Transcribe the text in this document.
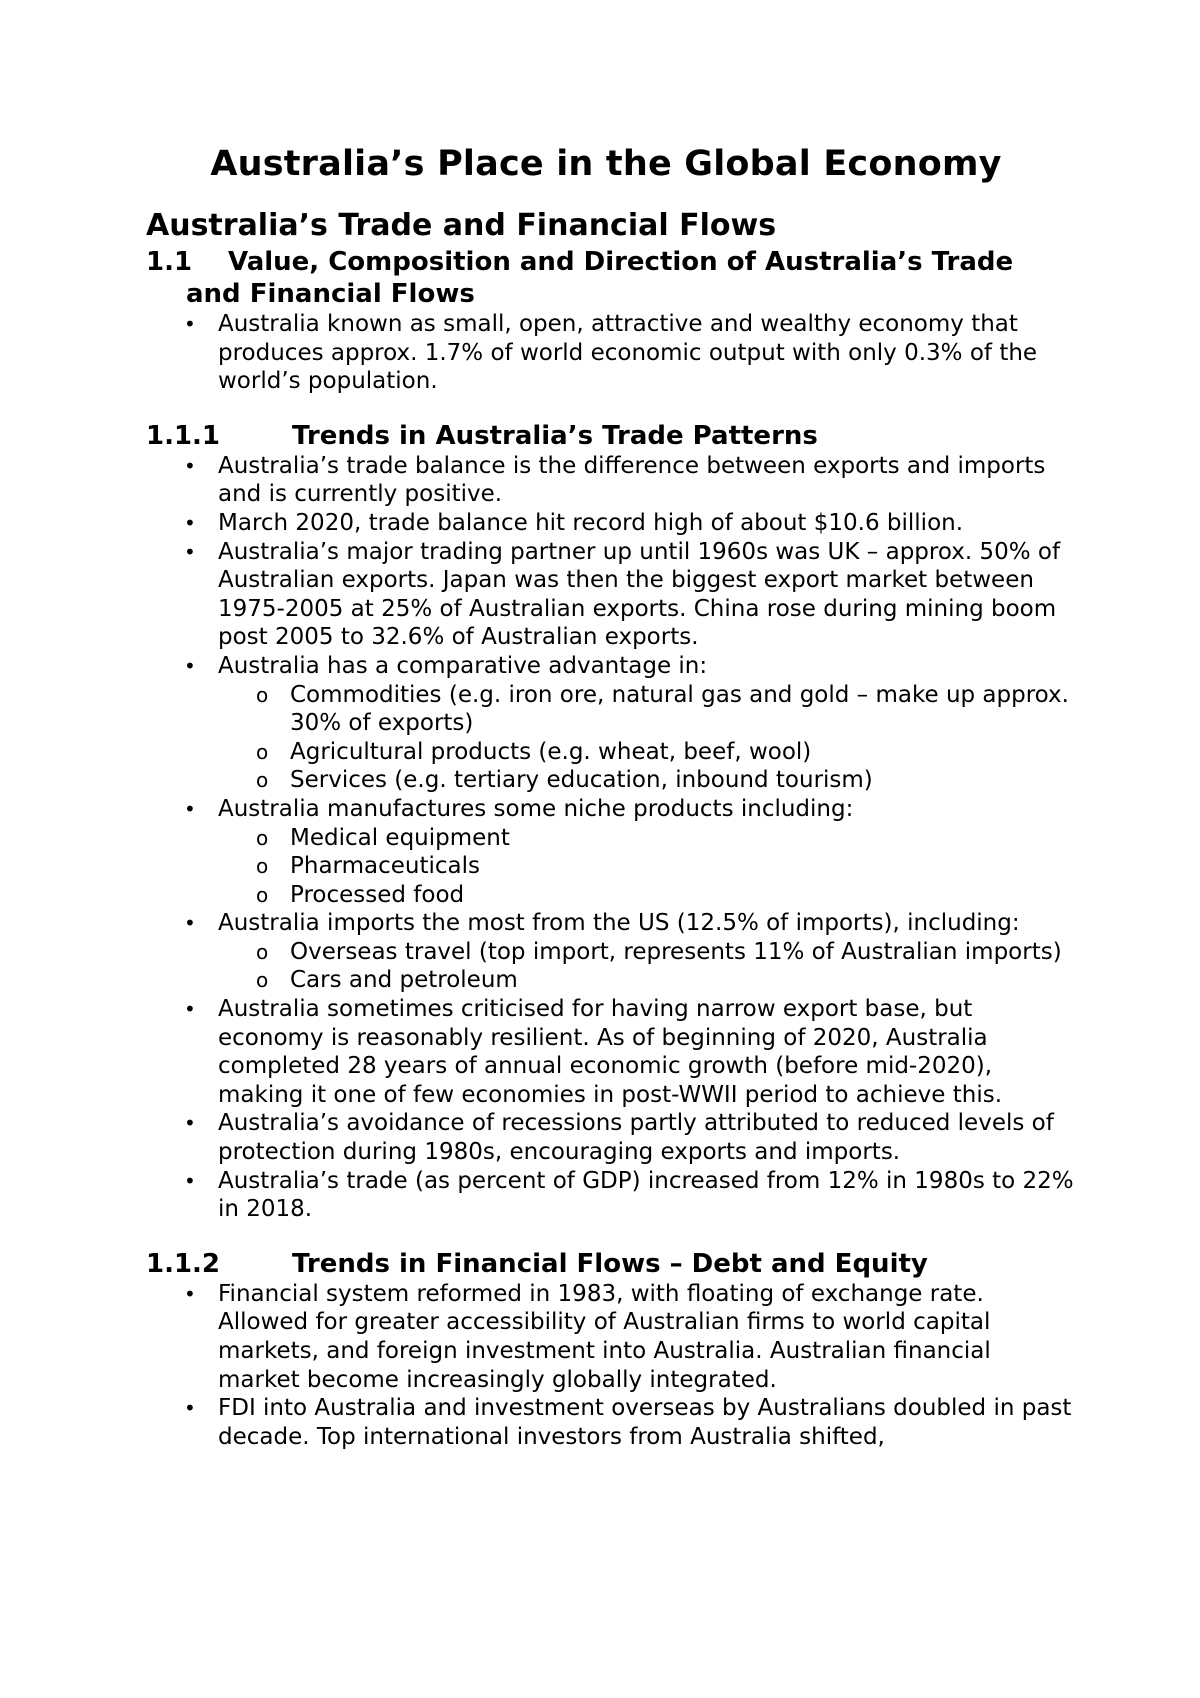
Australia’s Place in the Global Economy
Australia’s Trade and Financial Flows
1.1 Value, Composition and Direction of Australia’s Trade and Financial Flows
• Australia known as small, open, attractive and wealthy economy that produces approx. 1.7% of world economic output with only 0.3% of the world’s population.
1.1.1	Trends in Australia’s Trade Patterns
• Australia’s trade balance is the difference between exports and imports and is currently positive.
• March 2020, trade balance hit record high of about $10.6 billion.
• Australia’s major trading partner up until 1960s was UK – approx. 50% of Australian exports. Japan was then the biggest export market between 1975-2005 at 25% of Australian exports. China rose during mining boom post 2005 to 32.6% of Australian exports.
• Australia has a comparative advantage in:
o Commodities (e.g. iron ore, natural gas and gold – make up approx. 30% of exports)
o Agricultural products (e.g. wheat, beef, wool)
o Services (e.g. tertiary education, inbound tourism)
• Australia manufactures some niche products including:
o Medical equipment
o Pharmaceuticals
o Processed food
• Australia imports the most from the US (12.5% of imports), including:
o Overseas travel (top import, represents 11% of Australian imports)
o Cars and petroleum
• Australia sometimes criticised for having narrow export base, but economy is reasonably resilient. As of beginning of 2020, Australia completed 28 years of annual economic growth (before mid-2020), making it one of few economies in post-WWII period to achieve this.
• Australia’s avoidance of recessions partly attributed to reduced levels of protection during 1980s, encouraging exports and imports.
• Australia’s trade (as percent of GDP) increased from 12% in 1980s to 22% in 2018.
1.1.2	Trends in Financial Flows – Debt and Equity
• Financial system reformed in 1983, with floating of exchange rate. Allowed for greater accessibility of Australian firms to world capital markets, and foreign investment into Australia. Australian financial market become increasingly globally integrated.
• FDI into Australia and investment overseas by Australians doubled in past decade. Top international investors from Australia shifted,
